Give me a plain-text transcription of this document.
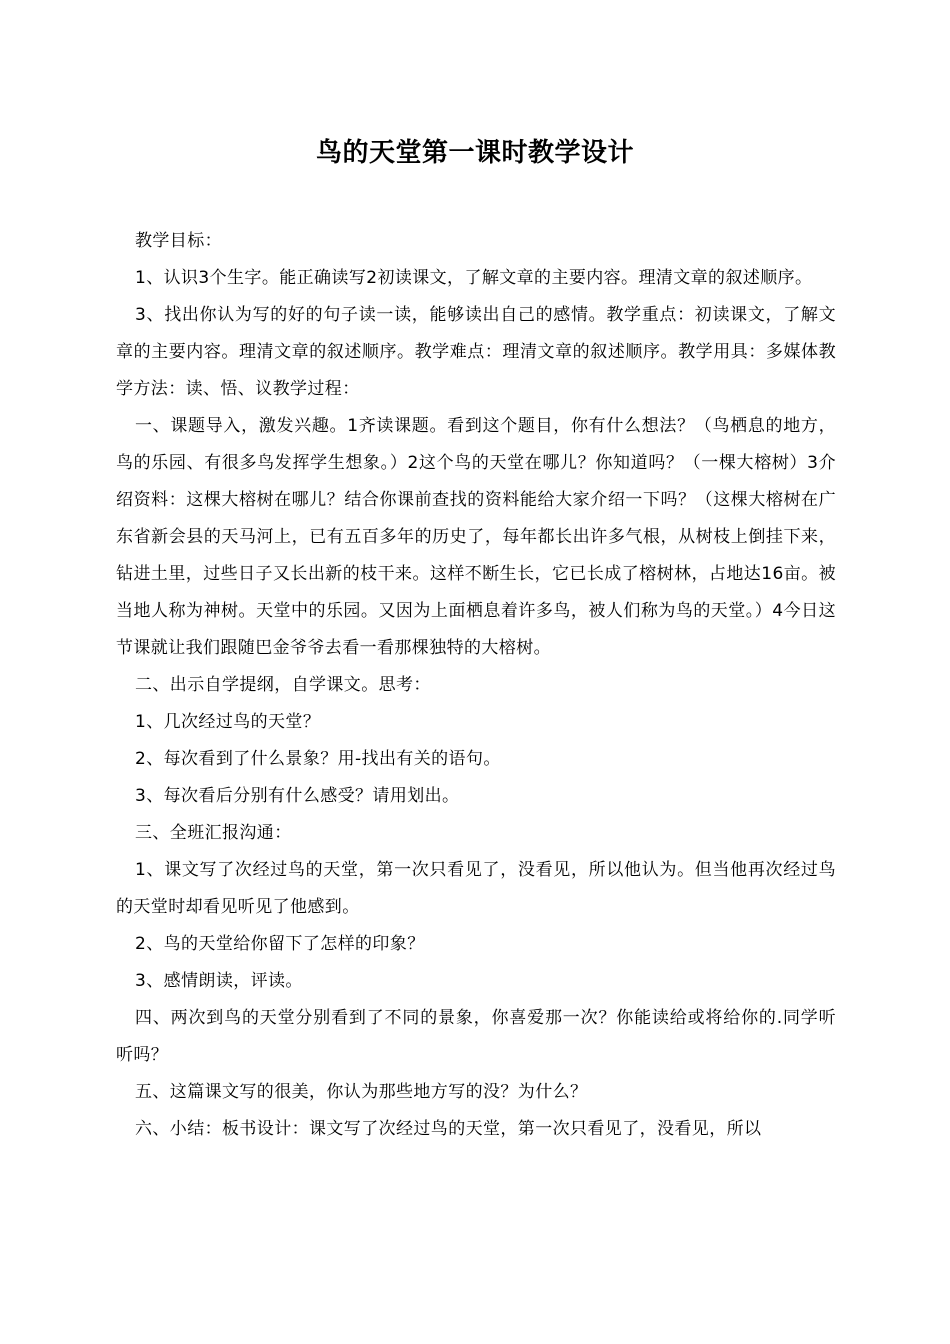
鸟的天堂第一课时教学设计

教学目标：

1、认识3个生字。能正确读写2初读课文，了解文章的主要内容。理清文章的叙述顺序。

3、找出你认为写的好的句子读一读，能够读出自己的感情。教学重点：初读课文，了解文章的主要内容。理清文章的叙述顺序。教学难点：理清文章的叙述顺序。教学用具：多媒体教学方法：读、悟、议教学过程：

一、课题导入，激发兴趣。1齐读课题。看到这个题目，你有什么想法？（鸟栖息的地方，鸟的乐园、有很多鸟发挥学生想象。）2这个鸟的天堂在哪儿？你知道吗？（一棵大榕树）3介绍资料：这棵大榕树在哪儿？结合你课前查找的资料能给大家介绍一下吗？（这棵大榕树在广东省新会县的天马河上，已有五百多年的历史了，每年都长出许多气根，从树枝上倒挂下来，钻进土里，过些日子又长出新的枝干来。这样不断生长，它已长成了榕树林，占地达16亩。被当地人称为神树。天堂中的乐园。又因为上面栖息着许多鸟，被人们称为鸟的天堂。）4今日这节课就让我们跟随巴金爷爷去看一看那棵独特的大榕树。

二、出示自学提纲，自学课文。思考：

1、几次经过鸟的天堂？

2、每次看到了什么景象？用-找出有关的语句。

3、每次看后分别有什么感受？请用划出。

三、全班汇报沟通：

1、课文写了次经过鸟的天堂，第一次只看见了，没看见，所以他认为。但当他再次经过鸟的天堂时却看见听见了他感到。

2、鸟的天堂给你留下了怎样的印象？

3、感情朗读，评读。

四、两次到鸟的天堂分别看到了不同的景象，你喜爱那一次？你能读给或将给你的.同学听听吗？

五、这篇课文写的很美，你认为那些地方写的没？为什么？

六、小结：板书设计：课文写了次经过鸟的天堂，第一次只看见了，没看见，所以
